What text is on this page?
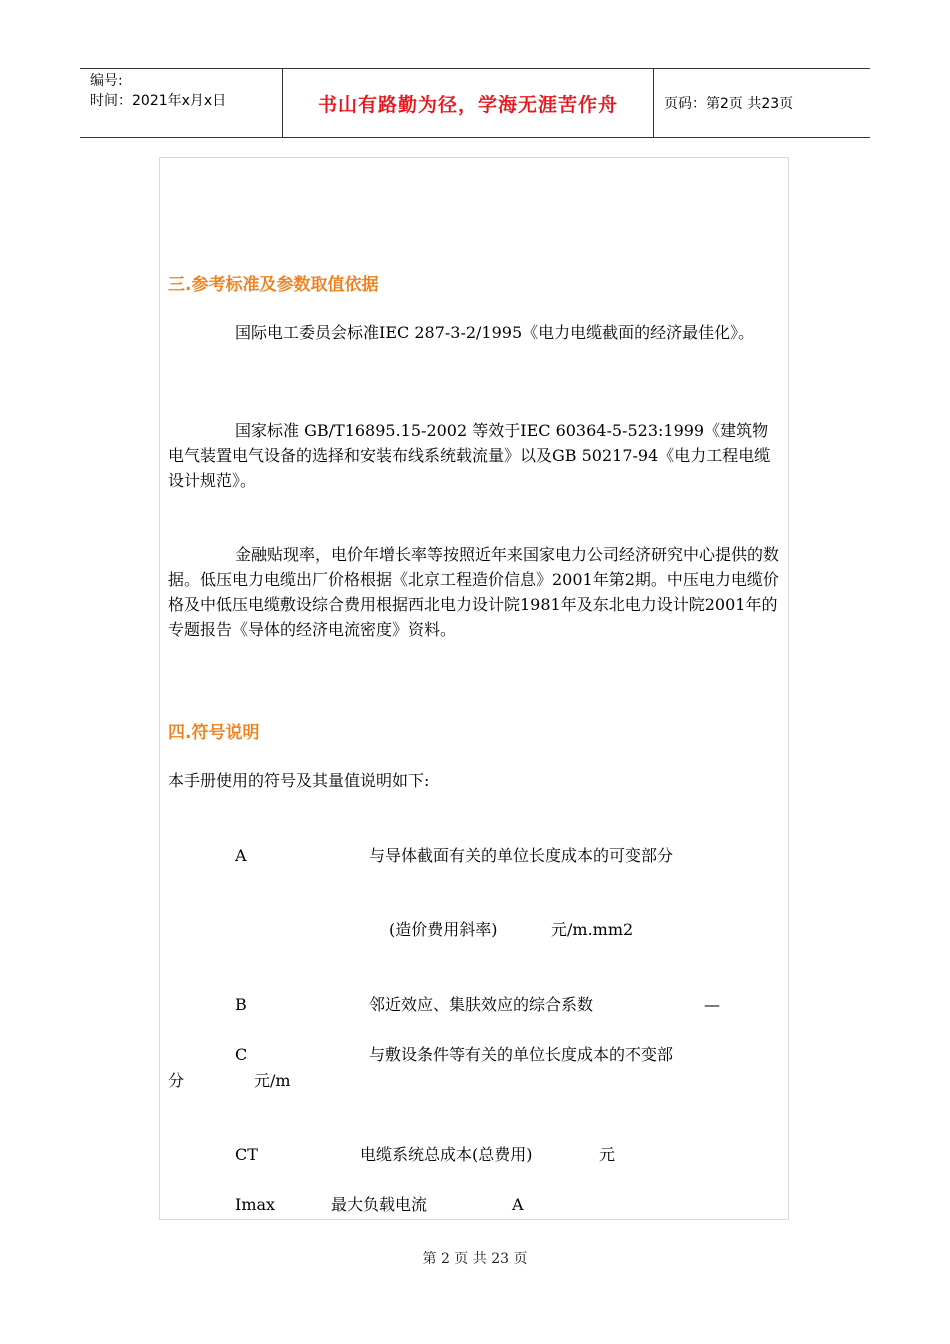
编号:
时间：2021年x月x日	书山有路勤为径，学海无涯苦作舟	页码：第2页 共23页
三.参考标准及参数取值依据
国际电工委员会标准IEC 287-3-2/1995《电力电缆截面的经济最佳化》。
国家标准 GB/T16895.15-2002 等效于IEC 60364-5-523:1999《建筑物电气装置电气设备的选择和安装布线系统载流量》以及GB 50217-94《电力工程电缆设计规范》。
金融贴现率，电价年增长率等按照近年来国家电力公司经济研究中心提供的数据。低压电力电缆出厂价格根据《北京工程造价信息》2001年第2期。中压电力电缆价格及中低压电缆敷设综合费用根据西北电力设计院1981年及东北电力设计院2001年的专题报告《导体的经济电流密度》资料。
四.符号说明
本手册使用的符号及其量值说明如下:
A	与导体截面有关的单位长度成本的可变部分
(造价费用斜率)	元/m.mm2
B	邻近效应、集肤效应的综合系数	—
C	与敷设条件等有关的单位长度成本的不变部
分	元/m
CT	电缆系统总成本(总费用)	元
Imax	最大负载电流	A
第 2 页 共 23 页
